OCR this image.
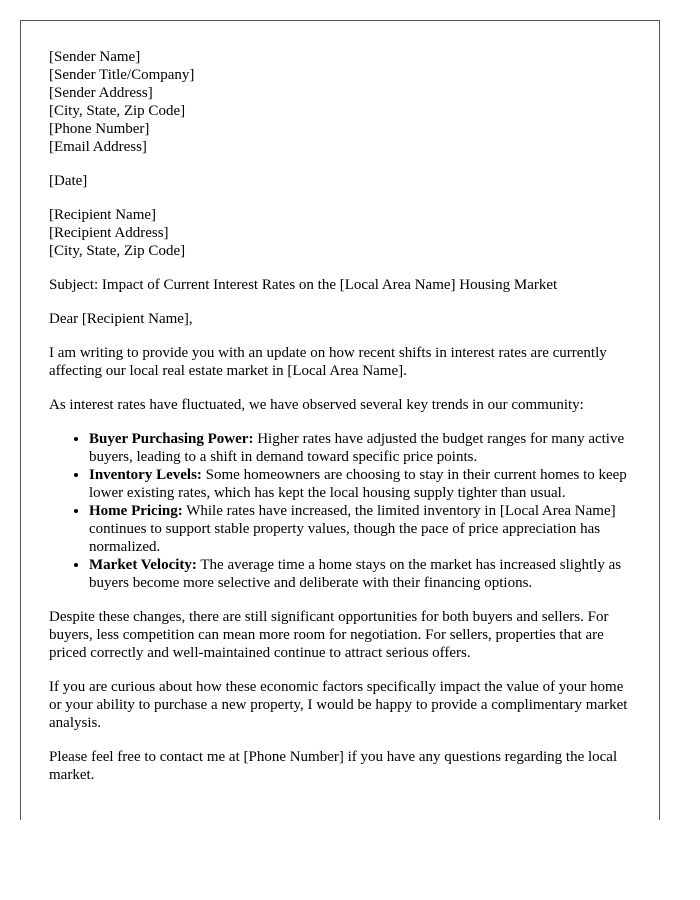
[Sender Name]
[Sender Title/Company]
[Sender Address]
[City, State, Zip Code]
[Phone Number]
[Email Address]

[Date]

[Recipient Name]
[Recipient Address]
[City, State, Zip Code]

Subject: Impact of Current Interest Rates on the [Local Area Name] Housing Market

Dear [Recipient Name],

I am writing to provide you with an update on how recent shifts in interest rates are currently affecting our local real estate market in [Local Area Name].

As interest rates have fluctuated, we have observed several key trends in our community:

• Buyer Purchasing Power: Higher rates have adjusted the budget ranges for many active buyers, leading to a shift in demand toward specific price points.
• Inventory Levels: Some homeowners are choosing to stay in their current homes to keep lower existing rates, which has kept the local housing supply tighter than usual.
• Home Pricing: While rates have increased, the limited inventory in [Local Area Name] continues to support stable property values, though the pace of price appreciation has normalized.
• Market Velocity: The average time a home stays on the market has increased slightly as buyers become more selective and deliberate with their financing options.

Despite these changes, there are still significant opportunities for both buyers and sellers. For buyers, less competition can mean more room for negotiation. For sellers, properties that are priced correctly and well-maintained continue to attract serious offers.

If you are curious about how these economic factors specifically impact the value of your home or your ability to purchase a new property, I would be happy to provide a complimentary market analysis.

Please feel free to contact me at [Phone Number] if you have any questions regarding the local market.
